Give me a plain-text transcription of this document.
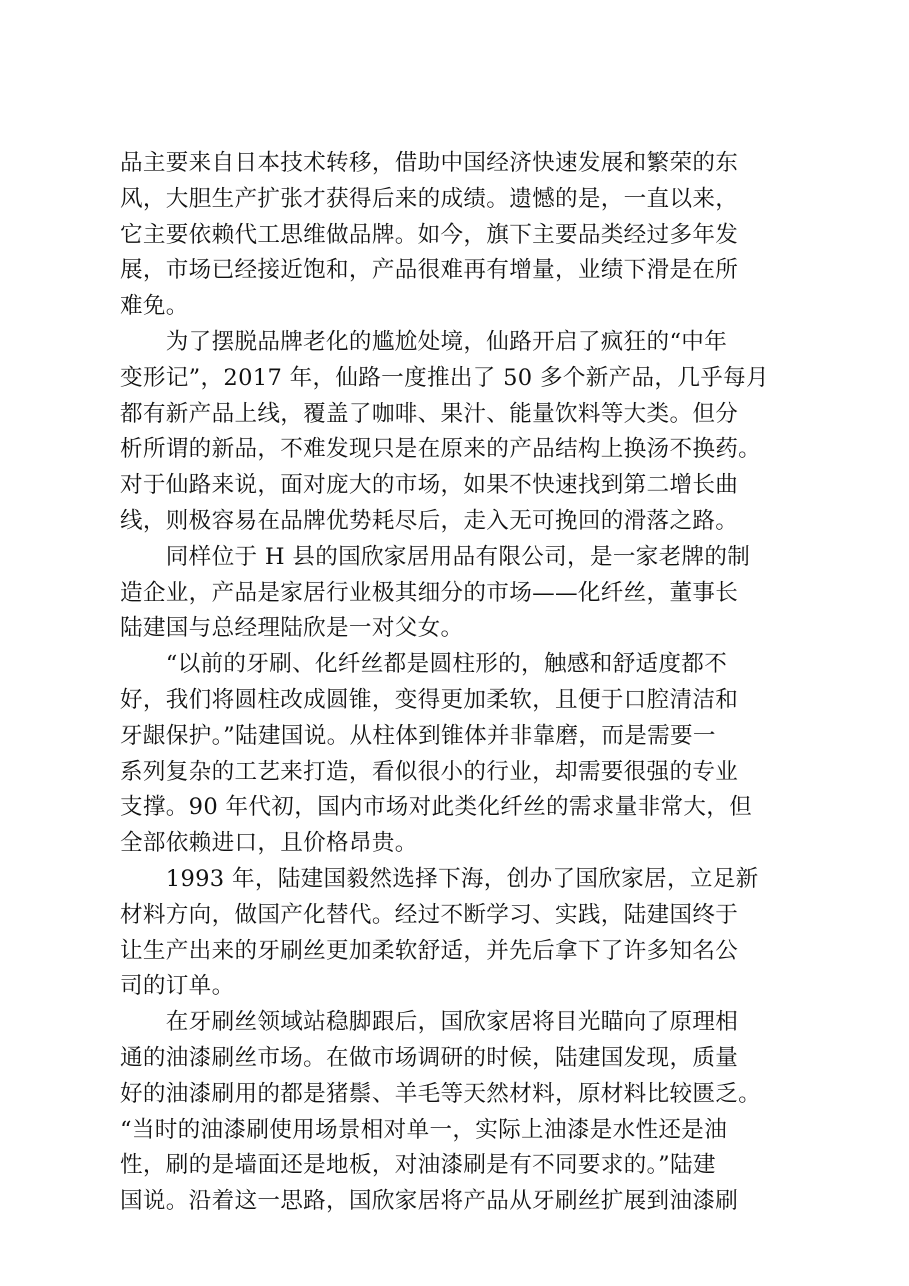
品主要来自日本技术转移，借助中国经济快速发展和繁荣的东
风，大胆生产扩张才获得后来的成绩。遗憾的是，一直以来，
它主要依赖代工思维做品牌。如今，旗下主要品类经过多年发
展，市场已经接近饱和，产品很难再有增量，业绩下滑是在所
难免。
　　为了摆脱品牌老化的尴尬处境，仙路开启了疯狂的“中年
变形记”，2017 年，仙路一度推出了 50 多个新产品，几乎每月
都有新产品上线，覆盖了咖啡、果汁、能量饮料等大类。但分
析所谓的新品，不难发现只是在原来的产品结构上换汤不换药。
对于仙路来说，面对庞大的市场，如果不快速找到第二增长曲
线，则极容易在品牌优势耗尽后，走入无可挽回的滑落之路。
　　同样位于 H 县的国欣家居用品有限公司，是一家老牌的制
造企业，产品是家居行业极其细分的市场——化纤丝，董事长
陆建国与总经理陆欣是一对父女。
　　“以前的牙刷、化纤丝都是圆柱形的，触感和舒适度都不
好，我们将圆柱改成圆锥，变得更加柔软，且便于口腔清洁和
牙龈保护。”陆建国说。从柱体到锥体并非靠磨，而是需要一
系列复杂的工艺来打造，看似很小的行业，却需要很强的专业
支撑。90 年代初，国内市场对此类化纤丝的需求量非常大，但
全部依赖进口，且价格昂贵。
　　1993 年，陆建国毅然选择下海，创办了国欣家居，立足新
材料方向，做国产化替代。经过不断学习、实践，陆建国终于
让生产出来的牙刷丝更加柔软舒适，并先后拿下了许多知名公
司的订单。
　　在牙刷丝领域站稳脚跟后，国欣家居将目光瞄向了原理相
通的油漆刷丝市场。在做市场调研的时候，陆建国发现，质量
好的油漆刷用的都是猪鬃、羊毛等天然材料，原材料比较匮乏。
“当时的油漆刷使用场景相对单一，实际上油漆是水性还是油
性，刷的是墙面还是地板，对油漆刷是有不同要求的。”陆建
国说。沿着这一思路，国欣家居将产品从牙刷丝扩展到油漆刷
